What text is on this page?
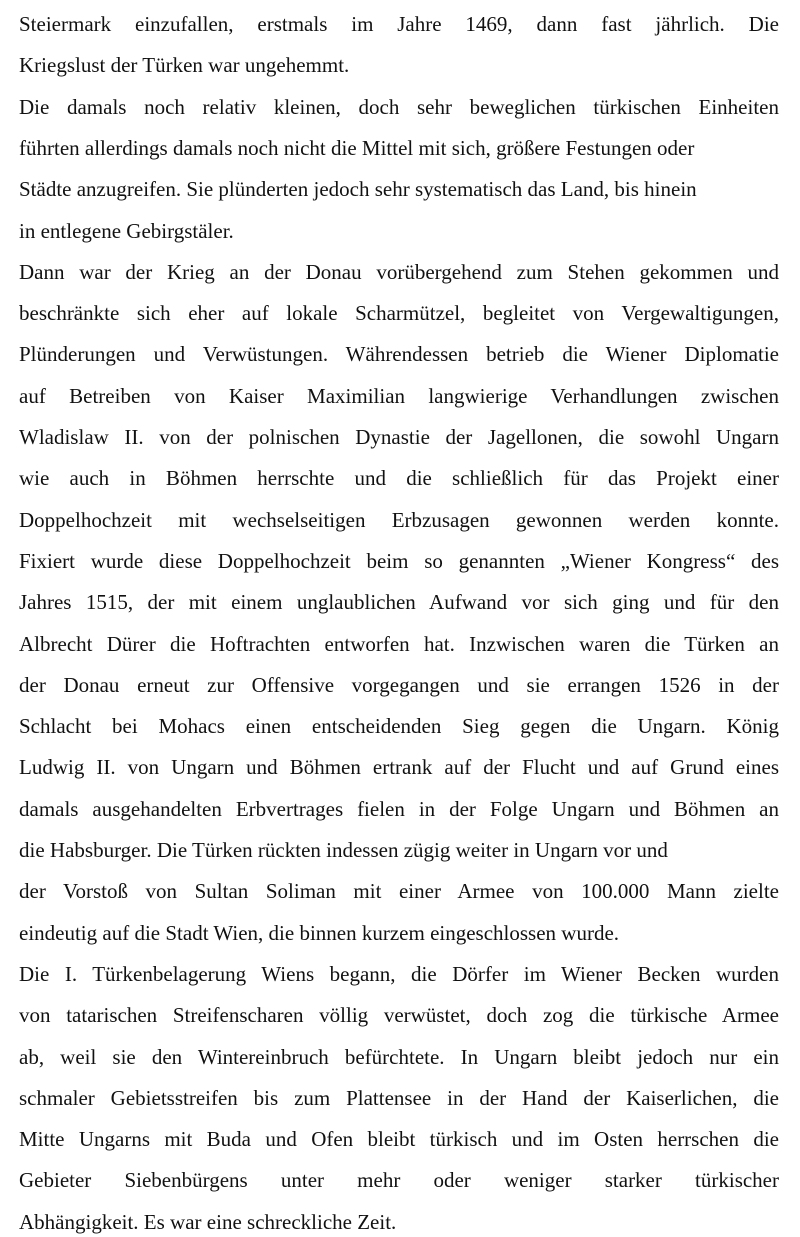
Steiermark einzufallen, erstmals im Jahre 1469, dann fast jährlich. Die

Kriegslust der Türken war ungehemmt.

Die damals noch relativ kleinen, doch sehr beweglichen türkischen Einheiten

führten allerdings damals noch nicht die Mittel mit sich, größere Festungen oder

Städte anzugreifen. Sie plünderten jedoch sehr systematisch das Land, bis hinein

in entlegene Gebirgstäler.

Dann war der Krieg an der Donau vorübergehend zum Stehen gekommen und

beschränkte sich eher auf lokale Scharmützel, begleitet von Vergewaltigungen,

Plünderungen und Verwüstungen. Währendessen betrieb die Wiener Diplomatie

auf Betreiben von Kaiser Maximilian langwierige Verhandlungen zwischen

Wladislaw II. von der polnischen Dynastie der Jagellonen, die sowohl Ungarn

wie auch in Böhmen herrschte und die schließlich für das Projekt einer

Doppelhochzeit mit wechselseitigen Erbzusagen gewonnen werden konnte.

Fixiert wurde diese Doppelhochzeit beim so genannten „Wiener Kongress“ des

Jahres 1515, der mit einem unglaublichen Aufwand vor sich ging und für den

Albrecht Dürer die Hoftrachten entworfen hat. Inzwischen waren die Türken an

der Donau erneut zur Offensive vorgegangen und sie errangen 1526 in der

Schlacht bei Mohacs einen entscheidenden Sieg gegen die Ungarn. König

Ludwig II. von Ungarn und Böhmen ertrank auf der Flucht und auf Grund eines

damals ausgehandelten Erbvertrages fielen in der Folge Ungarn und Böhmen an

die Habsburger. Die Türken rückten indessen zügig weiter in Ungarn vor und

der Vorstoß von Sultan Soliman mit einer Armee von 100.000 Mann zielte

eindeutig auf die Stadt Wien, die binnen kurzem eingeschlossen wurde.

Die I. Türkenbelagerung Wiens begann, die Dörfer im Wiener Becken wurden

von tatarischen Streifenscharen völlig verwüstet, doch zog die türkische Armee

ab, weil sie den Wintereinbruch befürchtete. In Ungarn bleibt jedoch nur ein

schmaler Gebietsstreifen bis zum Plattensee in der Hand der Kaiserlichen, die

Mitte Ungarns mit Buda und Ofen bleibt türkisch und im Osten herrschen die

Gebieter Siebenbürgens unter mehr oder weniger starker türkischer

Abhängigkeit. Es war eine schreckliche Zeit.
